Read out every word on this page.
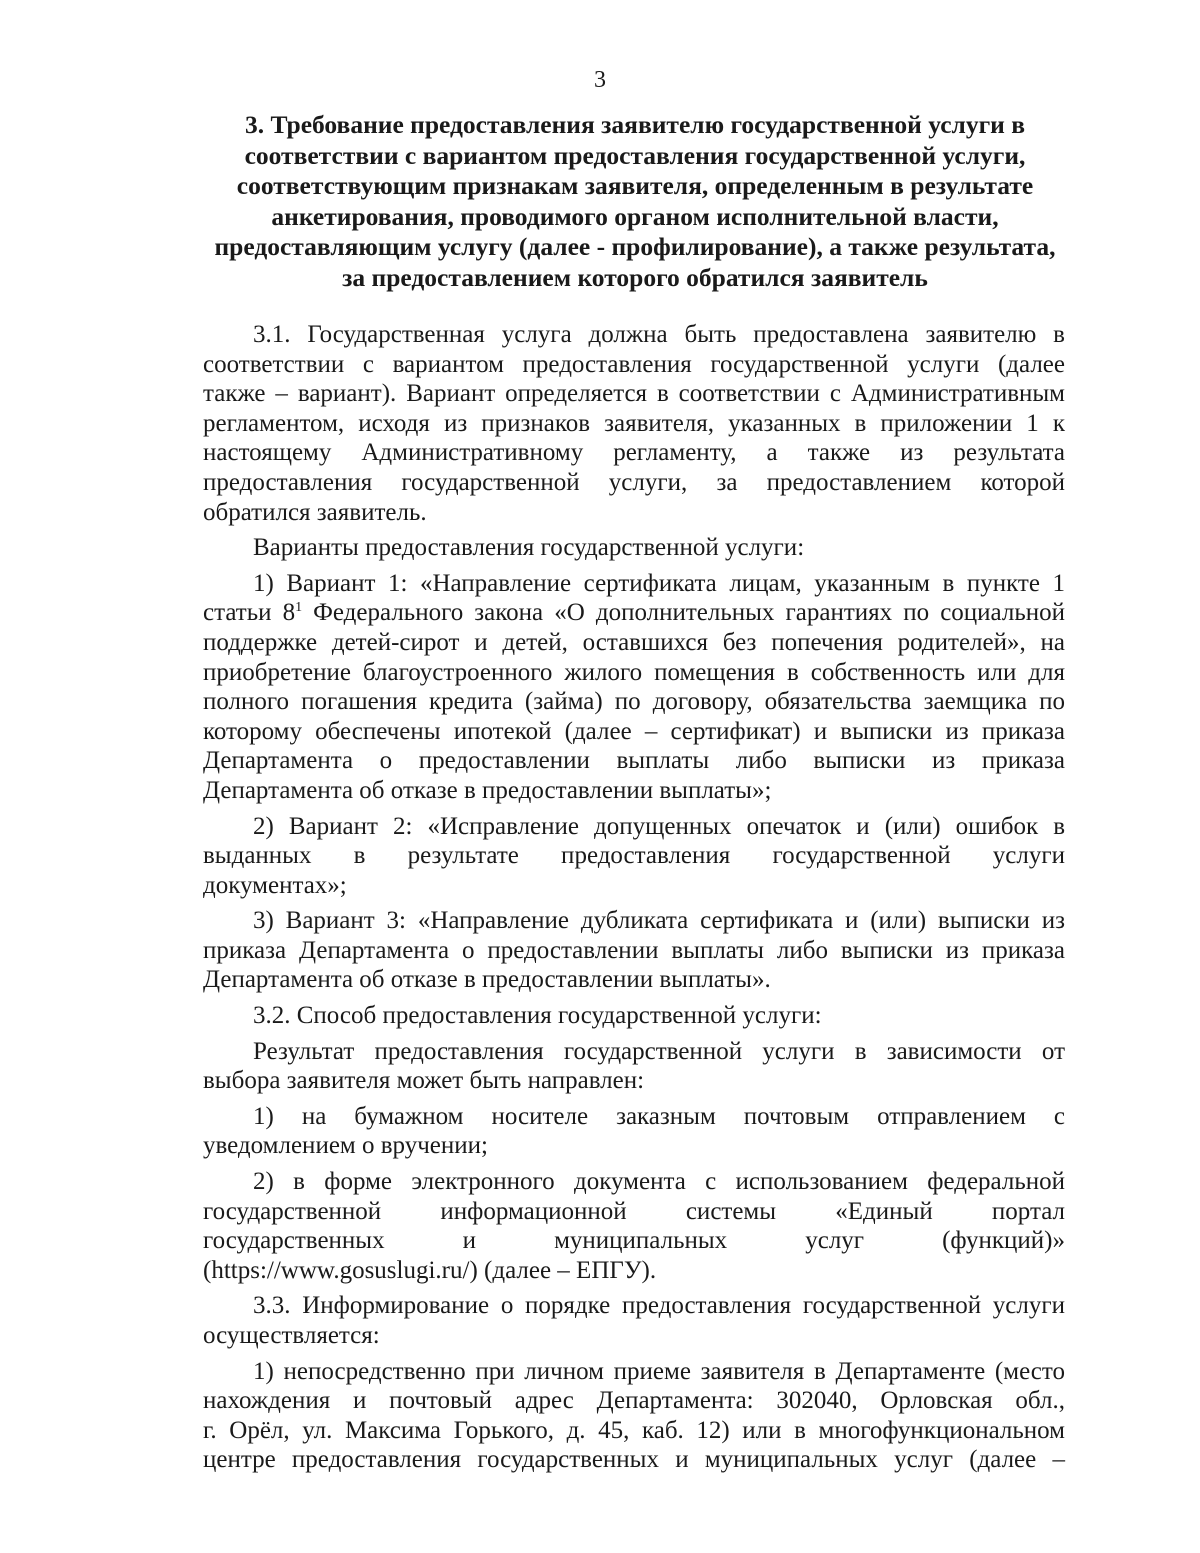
3
3. Требование предоставления заявителю государственной услуги в
соответствии с вариантом предоставления государственной услуги,
соответствующим признакам заявителя, определенным в результате
анкетирования, проводимого органом исполнительной власти,
предоставляющим услугу (далее - профилирование), а также результата,
за предоставлением которого обратился заявитель
3.1. Государственная услуга должна быть предоставлена заявителю в
соответствии с вариантом предоставления государственной услуги (далее
также – вариант). Вариант определяется в соответствии с Административным
регламентом, исходя из признаков заявителя, указанных в приложении 1 к
настоящему Административному регламенту, а также из результата
предоставления государственной услуги, за предоставлением которой
обратился заявитель.
Варианты предоставления государственной услуги:
1) Вариант 1: «Направление сертификата лицам, указанным в пункте 1
статьи $8^1$ Федерального закона «О дополнительных гарантиях по социальной
поддержке детей-сирот и детей, оставшихся без попечения родителей», на
приобретение благоустроенного жилого помещения в собственность или для
полного погашения кредита (займа) по договору, обязательства заемщика по
которому обеспечены ипотекой (далее – сертификат) и выписки из приказа
Департамента о предоставлении выплаты либо выписки из приказа
Департамента об отказе в предоставлении выплаты»;
2) Вариант 2: «Исправление допущенных опечаток и (или) ошибок в
выданных в результате предоставления государственной услуги
документах»;
3) Вариант 3: «Направление дубликата сертификата и (или) выписки из
приказа Департамента о предоставлении выплаты либо выписки из приказа
Департамента об отказе в предоставлении выплаты».
3.2. Способ предоставления государственной услуги:
Результат предоставления государственной услуги в зависимости от
выбора заявителя может быть направлен:
1) на бумажном носителе заказным почтовым отправлением с
уведомлением о вручении;
2) в форме электронного документа с использованием федеральной
государственной информационной системы «Единый портал
государственных и муниципальных услуг (функций)»
(https://www.gosuslugi.ru/) (далее – ЕПГУ).
3.3. Информирование о порядке предоставления государственной услуги
осуществляется:
1) непосредственно при личном приеме заявителя в Департаменте (место
нахождения и почтовый адрес Департамента: 302040, Орловская обл.,
г. Орёл, ул. Максима Горького, д. 45, каб. 12) или в многофункциональном
центре предоставления государственных и муниципальных услуг (далее –
